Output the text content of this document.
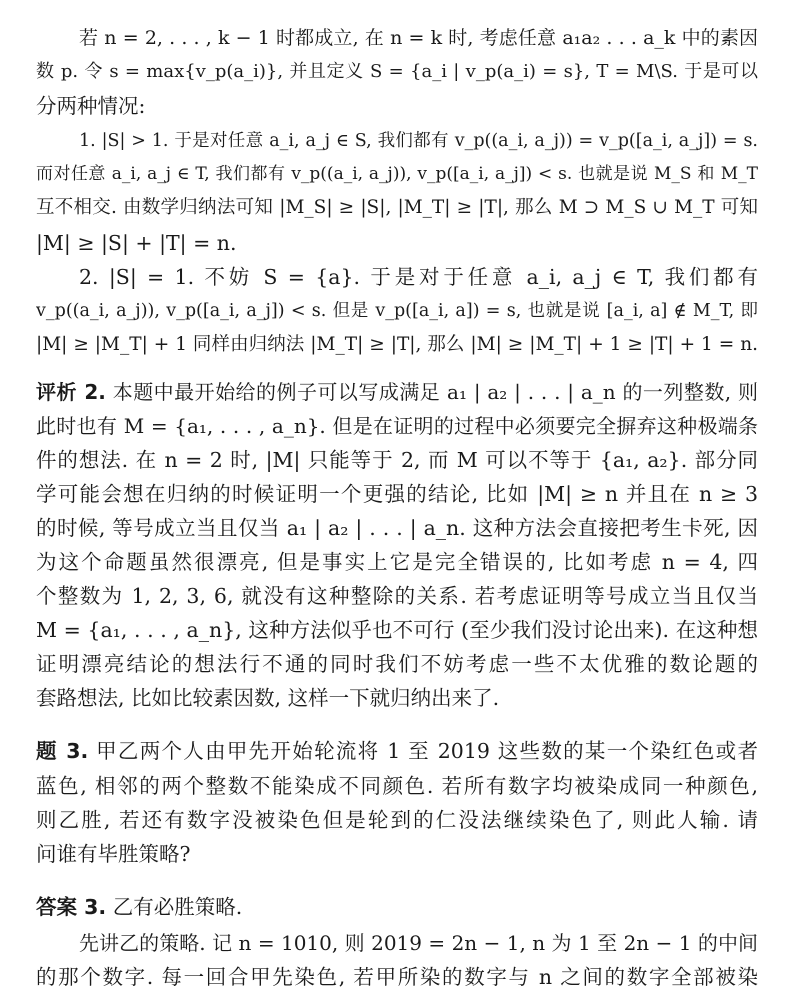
若 n = 2, . . . , k − 1 时都成立, 在 n = k 时, 考虑任意 a₁a₂ . . . a_k 中的素因
数 p. 令 s = max{v_p(a_i)}, 并且定义 S = {a_i | v_p(a_i) = s}, T = M\S. 于是可以
分两种情况:
1. |S| > 1. 于是对任意 a_i, a_j ∈ S, 我们都有 v_p((a_i, a_j)) = v_p([a_i, a_j]) = s.
而对任意 a_i, a_j ∈ T, 我们都有 v_p((a_i, a_j)), v_p([a_i, a_j]) < s. 也就是说 M_S 和 M_T
互不相交. 由数学归纳法可知 |M_S| ≥ |S|, |M_T| ≥ |T|, 那么 M ⊃ M_S ∪ M_T 可知
|M| ≥ |S| + |T| = n.
2. |S| = 1. 不妨 S = {a}. 于是对于任意 a_i, a_j ∈ T, 我们都有
v_p((a_i, a_j)), v_p([a_i, a_j]) < s. 但是 v_p([a_i, a]) = s, 也就是说 [a_i, a] ∉ M_T, 即
|M| ≥ |M_T| + 1 同样由归纳法 |M_T| ≥ |T|, 那么 |M| ≥ |M_T| + 1 ≥ |T| + 1 = n.
评析 2. 本题中最开始给的例子可以写成满足 a₁ | a₂ | . . . | a_n 的一列整数, 则
此时也有 M = {a₁, . . . , a_n}. 但是在证明的过程中必须要完全摒弃这种极端条
件的想法. 在 n = 2 时, |M| 只能等于 2, 而 M 可以不等于 {a₁, a₂}. 部分同
学可能会想在归纳的时候证明一个更强的结论, 比如 |M| ≥ n 并且在 n ≥ 3
的时候, 等号成立当且仅当 a₁ | a₂ | . . . | a_n. 这种方法会直接把考生卡死, 因
为这个命题虽然很漂亮, 但是事实上它是完全错误的, 比如考虑 n = 4, 四
个整数为 1, 2, 3, 6, 就没有这种整除的关系. 若考虑证明等号成立当且仅当
M = {a₁, . . . , a_n}, 这种方法似乎也不可行 (至少我们没讨论出来). 在这种想
证明漂亮结论的想法行不通的同时我们不妨考虑一些不太优雅的数论题的
套路想法, 比如比较素因数, 这样一下就归纳出来了.
题 3. 甲乙两个人由甲先开始轮流将 1 至 2019 这些数的某一个染红色或者
蓝色, 相邻的两个整数不能染成不同颜色. 若所有数字均被染成同一种颜色,
则乙胜, 若还有数字没被染色但是轮到的仁没法继续染色了, 则此人输. 请
问谁有毕胜策略?
答案 3. 乙有必胜策略.
先讲乙的策略. 记 n = 1010, 则 2019 = 2n − 1, n 为 1 至 2n − 1 的中间
的那个数字. 每一回合甲先染色, 若甲所染的数字与 n 之间的数字全部被染
